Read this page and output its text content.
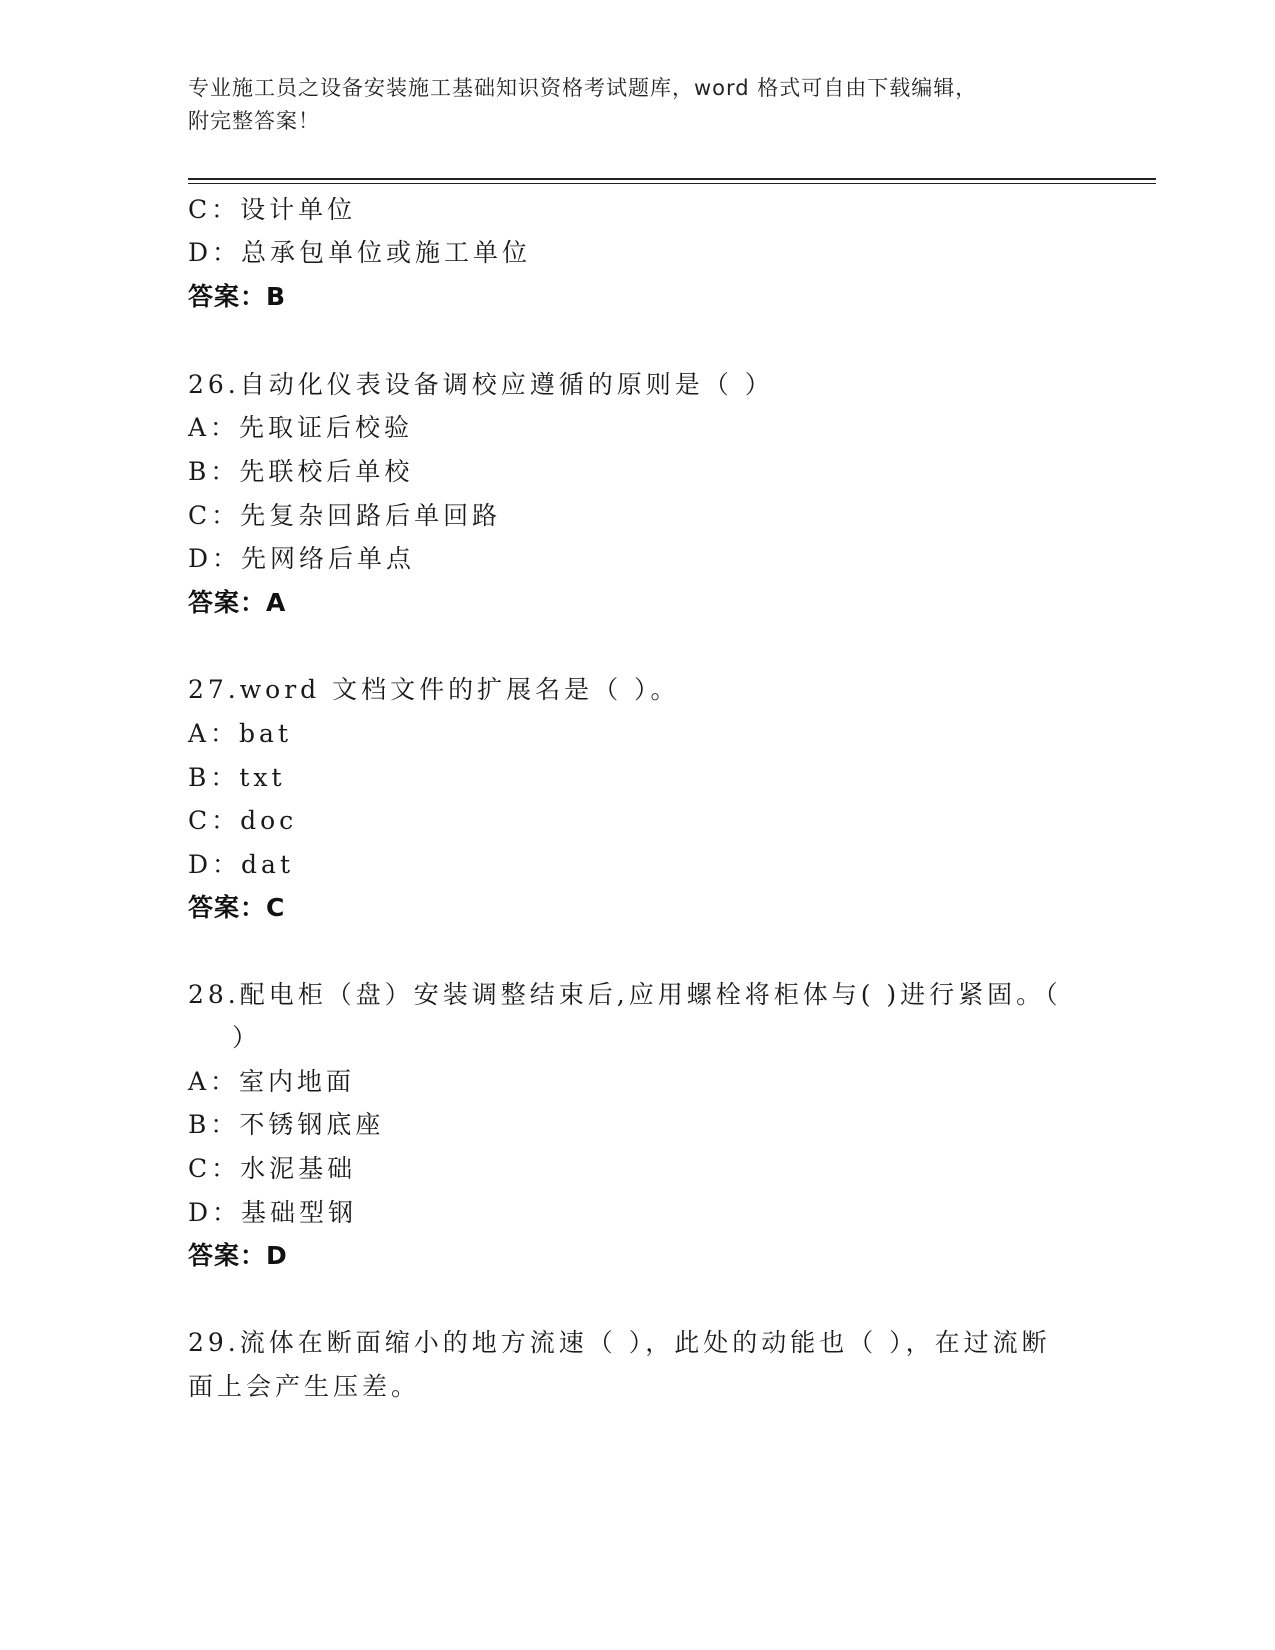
专业施工员之设备安装施工基础知识资格考试题库，word 格式可自由下载编辑，
附完整答案！
C：设计单位
D：总承包单位或施工单位
答案：B
26.自动化仪表设备调校应遵循的原则是（ ）
A：先取证后校验
B：先联校后单校
C：先复杂回路后单回路
D：先网络后单点
答案：A
27.word 文档文件的扩展名是（ ）。
A：bat
B：txt
C：doc
D：dat
答案：C
28.配电柜（盘）安装调整结束后,应用螺栓将柜体与( )进行紧固。（
）
A：室内地面
B：不锈钢底座
C：水泥基础
D：基础型钢
答案：D
29.流体在断面缩小的地方流速（ ），此处的动能也（ ），在过流断
面上会产生压差。
